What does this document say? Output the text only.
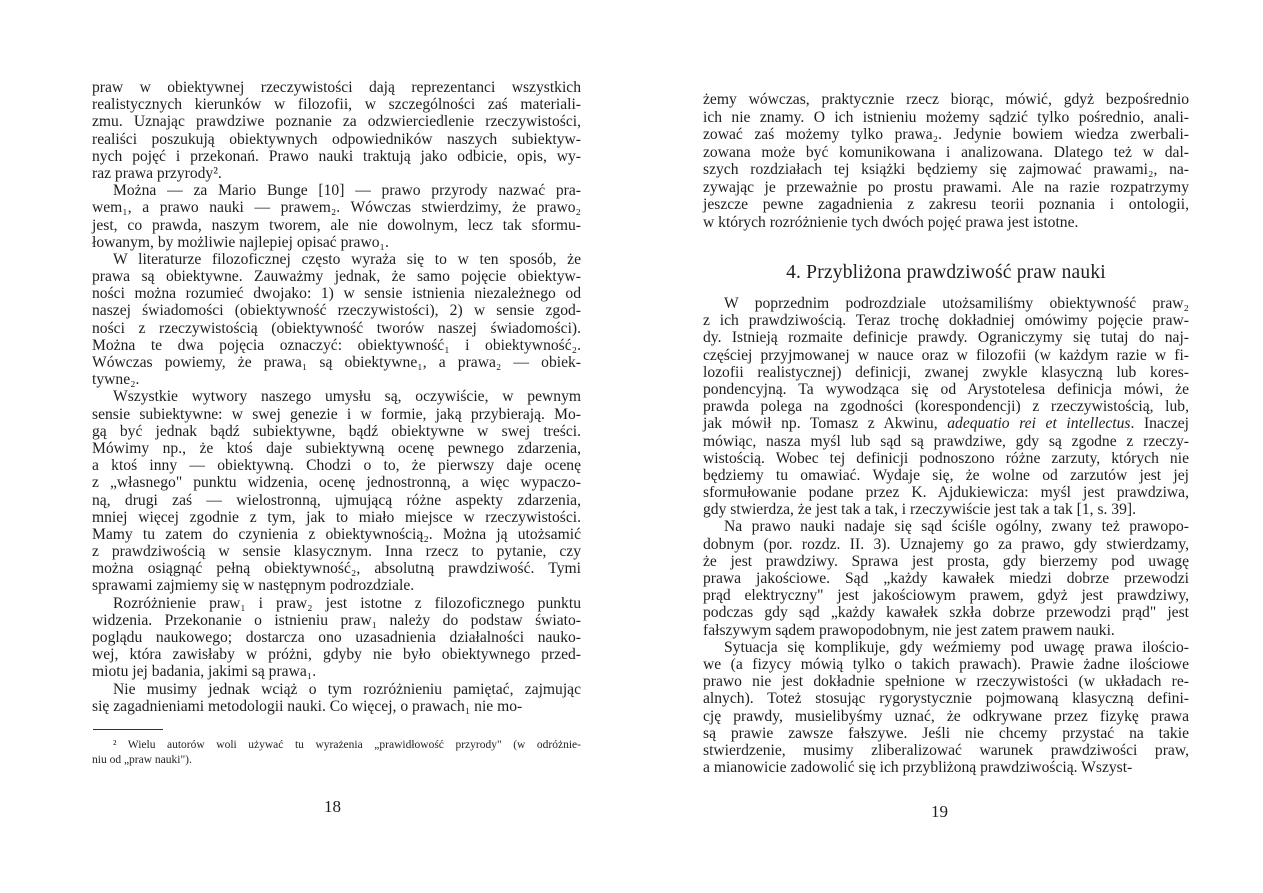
praw w obiektywnej rzeczywistości dają reprezentanci wszystkich
realistycznych kierunków w filozofii, w szczególności zaś materiali-
zmu. Uznając prawdziwe poznanie za odzwierciedlenie rzeczywistości,
realiści poszukują obiektywnych odpowiedników naszych subiektyw-
nych pojęć i przekonań. Prawo nauki traktują jako odbicie, opis, wy-
raz prawa przyrody².
Można — za Mario Bunge [10] — prawo przyrody nazwać pra-
wem₁, a prawo nauki — prawem₂. Wówczas stwierdzimy, że prawo₂
jest, co prawda, naszym tworem, ale nie dowolnym, lecz tak sformu-
łowanym, by możliwie najlepiej opisać prawo₁.
W literaturze filozoficznej często wyraża się to w ten sposób, że
prawa są obiektywne. Zauważmy jednak, że samo pojęcie obiektyw-
ności można rozumieć dwojako: 1) w sensie istnienia niezależnego od
naszej świadomości (obiektywność rzeczywistości), 2) w sensie zgod-
ności z rzeczywistością (obiektywność tworów naszej świadomości).
Można te dwa pojęcia oznaczyć: obiektywność₁ i obiektywność₂.
Wówczas powiemy, że prawa₁ są obiektywne₁, a prawa₂ — obiek-
tywne₂.
Wszystkie wytwory naszego umysłu są, oczywiście, w pewnym
sensie subiektywne: w swej genezie i w formie, jaką przybierają. Mo-
gą być jednak bądź subiektywne, bądź obiektywne w swej treści.
Mówimy np., że ktoś daje subiektywną ocenę pewnego zdarzenia,
a ktoś inny — obiektywną. Chodzi o to, że pierwszy daje ocenę
z „własnego" punktu widzenia, ocenę jednostronną, a więc wypaczo-
ną, drugi zaś — wielostronną, ujmującą różne aspekty zdarzenia,
mniej więcej zgodnie z tym, jak to miało miejsce w rzeczywistości.
Mamy tu zatem do czynienia z obiektywnością₂. Można ją utożsamić
z prawdziwością w sensie klasycznym. Inna rzecz to pytanie, czy
można osiągnąć pełną obiektywność₂, absolutną prawdziwość. Tymi
sprawami zajmiemy się w następnym podrozdziale.
Rozróżnienie praw₁ i praw₂ jest istotne z filozoficznego punktu
widzenia. Przekonanie o istnieniu praw₁ należy do podstaw świato-
poglądu naukowego; dostarcza ono uzasadnienia działalności nauko-
wej, która zawisłaby w próżni, gdyby nie było obiektywnego przed-
miotu jej badania, jakimi są prawa₁.
Nie musimy jednak wciąż o tym rozróżnieniu pamiętać, zajmując
się zagadnieniami metodologii nauki. Co więcej, o prawach₁ nie mo-
² Wielu autorów woli używać tu wyrażenia „prawidłowość przyrody" (w odróżnie-
niu od „praw nauki").
18
żemy wówczas, praktycznie rzecz biorąc, mówić, gdyż bezpośrednio
ich nie znamy. O ich istnieniu możemy sądzić tylko pośrednio, anali-
zować zaś możemy tylko prawa₂. Jedynie bowiem wiedza zwerbali-
zowana może być komunikowana i analizowana. Dlatego też w dal-
szych rozdziałach tej książki będziemy się zajmować prawami₂, na-
zywając je przeważnie po prostu prawami. Ale na razie rozpatrzymy
jeszcze pewne zagadnienia z zakresu teorii poznania i ontologii,
w których rozróżnienie tych dwóch pojęć prawa jest istotne.
4. Przybliżona prawdziwość praw nauki
W poprzednim podrozdziale utożsamiliśmy obiektywność praw₂
z ich prawdziwością. Teraz trochę dokładniej omówimy pojęcie praw-
dy. Istnieją rozmaite definicje prawdy. Ograniczymy się tutaj do naj-
częściej przyjmowanej w nauce oraz w filozofii (w każdym razie w fi-
lozofii realistycznej) definicji, zwanej zwykle klasyczną lub kores-
pondencyjną. Ta wywodząca się od Arystotelesa definicja mówi, że
prawda polega na zgodności (korespondencji) z rzeczywistością, lub,
jak mówił np. Tomasz z Akwinu, adequatio rei et intellectus. Inaczej
mówiąc, nasza myśl lub sąd są prawdziwe, gdy są zgodne z rzeczy-
wistością. Wobec tej definicji podnoszono różne zarzuty, których nie
będziemy tu omawiać. Wydaje się, że wolne od zarzutów jest jej
sformułowanie podane przez K. Ajdukiewicza: myśl jest prawdziwa,
gdy stwierdza, że jest tak a tak, i rzeczywiście jest tak a tak [1, s. 39].
Na prawo nauki nadaje się sąd ściśle ogólny, zwany też prawopo-
dobnym (por. rozdz. II. 3). Uznajemy go za prawo, gdy stwierdzamy,
że jest prawdziwy. Sprawa jest prosta, gdy bierzemy pod uwagę
prawa jakościowe. Sąd „każdy kawałek miedzi dobrze przewodzi
prąd elektryczny" jest jakościowym prawem, gdyż jest prawdziwy,
podczas gdy sąd „każdy kawałek szkła dobrze przewodzi prąd" jest
fałszywym sądem prawopodobnym, nie jest zatem prawem nauki.
Sytuacja się komplikuje, gdy weźmiemy pod uwagę prawa ilościo-
we (a fizycy mówią tylko o takich prawach). Prawie żadne ilościowe
prawo nie jest dokładnie spełnione w rzeczywistości (w układach re-
alnych). Toteż stosując rygorystycznie pojmowaną klasyczną defini-
cję prawdy, musielibyśmy uznać, że odkrywane przez fizykę prawa
są prawie zawsze fałszywe. Jeśli nie chcemy przystać na takie
stwierdzenie, musimy zliberalizować warunek prawdziwości praw,
a mianowicie zadowolić się ich przybliżoną prawdziwością. Wszyst-
19
